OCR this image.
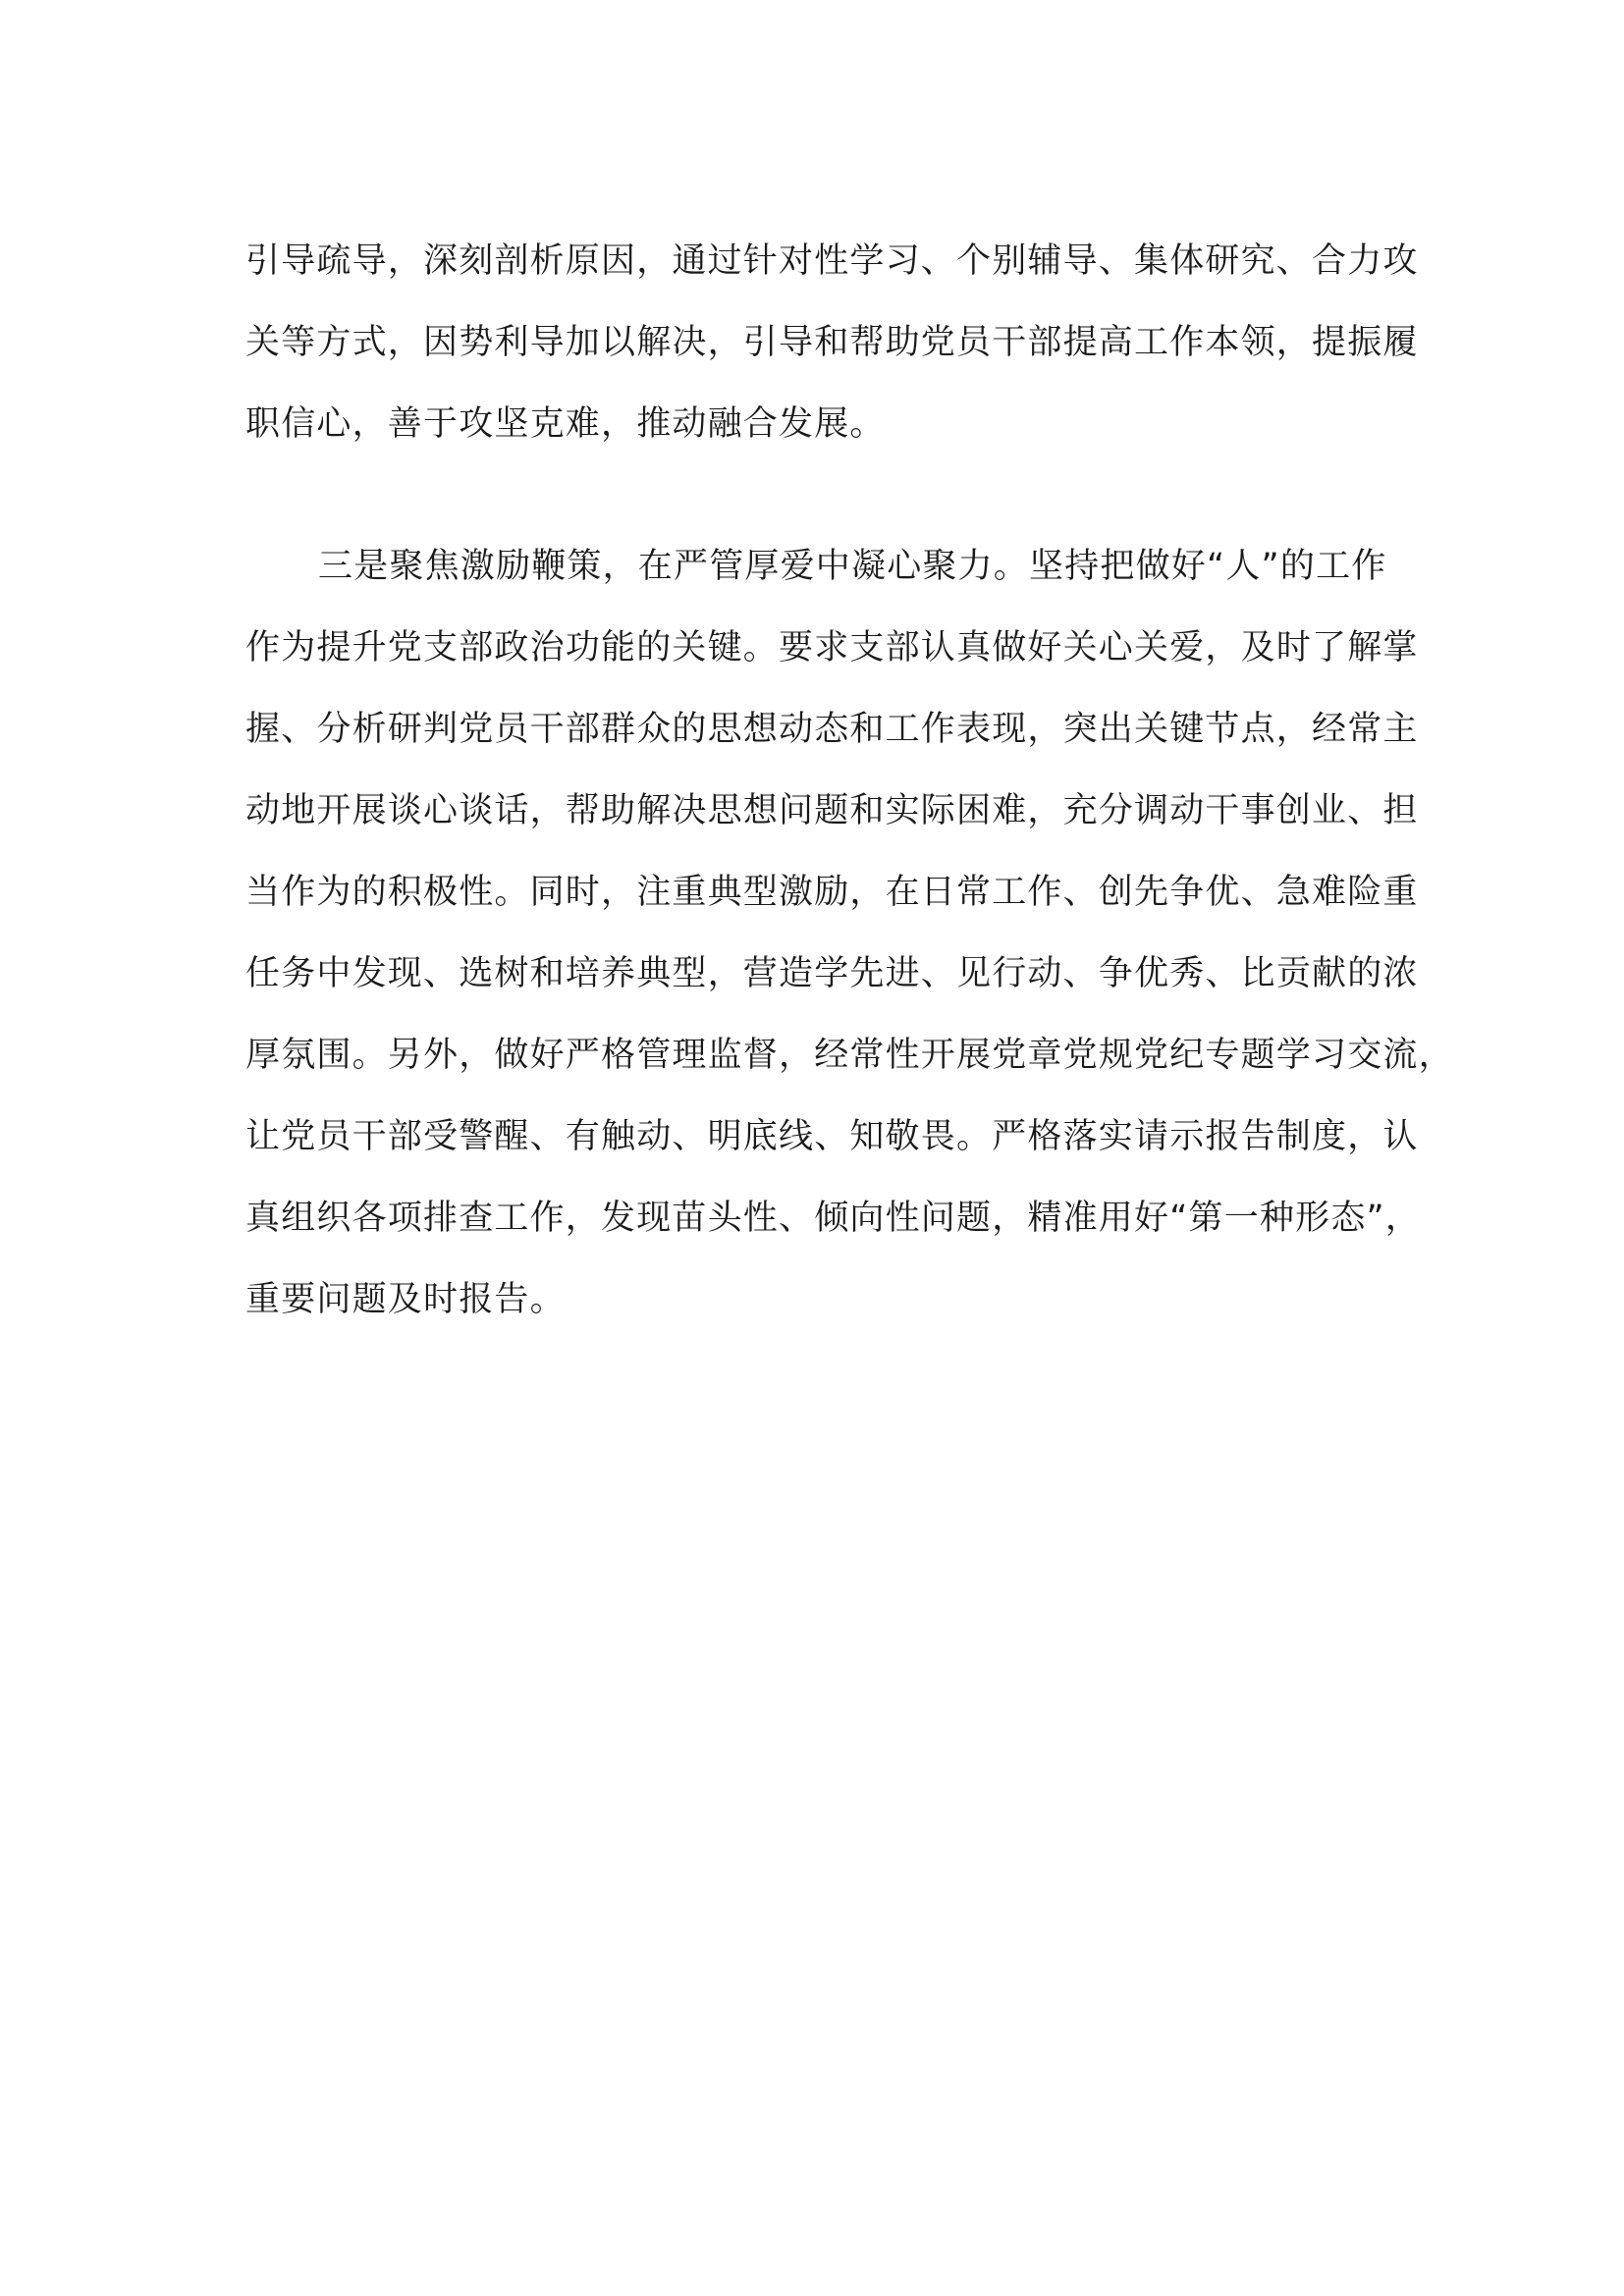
引导疏导，深刻剖析原因，通过针对性学习、个别辅导、集体研究、合力攻
关等方式，因势利导加以解决，引导和帮助党员干部提高工作本领，提振履
职信心，善于攻坚克难，推动融合发展。
三是聚焦激励鞭策，在严管厚爱中凝心聚力。坚持把做好“人”的工作
作为提升党支部政治功能的关键。要求支部认真做好关心关爱，及时了解掌
握、分析研判党员干部群众的思想动态和工作表现，突出关键节点，经常主
动地开展谈心谈话，帮助解决思想问题和实际困难，充分调动干事创业、担
当作为的积极性。同时，注重典型激励，在日常工作、创先争优、急难险重
任务中发现、选树和培养典型，营造学先进、见行动、争优秀、比贡献的浓
厚氛围。另外，做好严格管理监督，经常性开展党章党规党纪专题学习交流，
让党员干部受警醒、有触动、明底线、知敬畏。严格落实请示报告制度，认
真组织各项排查工作，发现苗头性、倾向性问题，精准用好“第一种形态”，
重要问题及时报告。
